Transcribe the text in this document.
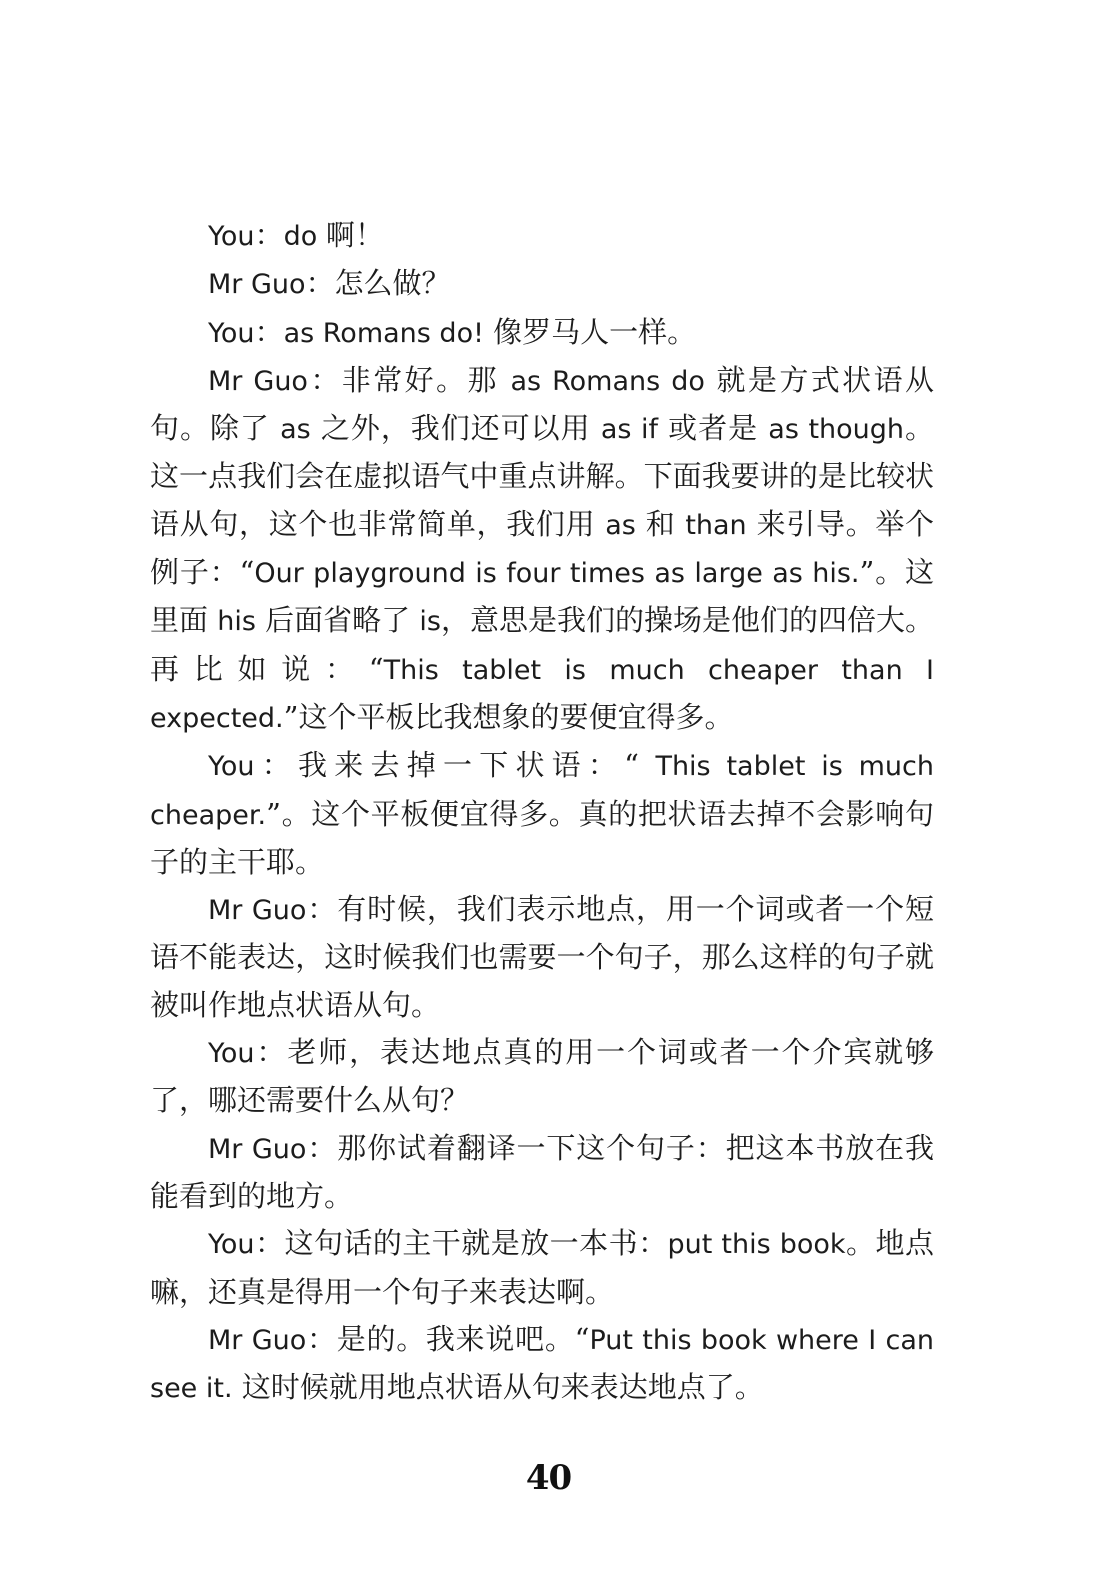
You：do 啊！

Mr Guo：怎么做？

You：as Romans do! 像罗马人一样。

Mr Guo：非常好。那 as Romans do 就是方式状语从句。除了 as 之外，我们还可以用 as if 或者是 as though。这一点我们会在虚拟语气中重点讲解。下面我要讲的是比较状语从句，这个也非常简单，我们用 as 和 than 来引导。举个例子：“Our playground is four times as large as his.”。这里面 his 后面省略了 is，意思是我们的操场是他们的四倍大。再比如说：“This tablet is much cheaper than I expected.”这个平板比我想象的要便宜得多。

You：我来去掉一下状语：“ This tablet is much cheaper.”。这个平板便宜得多。真的把状语去掉不会影响句子的主干耶。

Mr Guo：有时候，我们表示地点，用一个词或者一个短语不能表达，这时候我们也需要一个句子，那么这样的句子就被叫作地点状语从句。

You：老师，表达地点真的用一个词或者一个介宾就够了，哪还需要什么从句？

Mr Guo：那你试着翻译一下这个句子：把这本书放在我能看到的地方。

You：这句话的主干就是放一本书：put this book。地点嘛，还真是得用一个句子来表达啊。

Mr Guo：是的。我来说吧。“Put this book where I can see it. 这时候就用地点状语从句来表达地点了。

40
